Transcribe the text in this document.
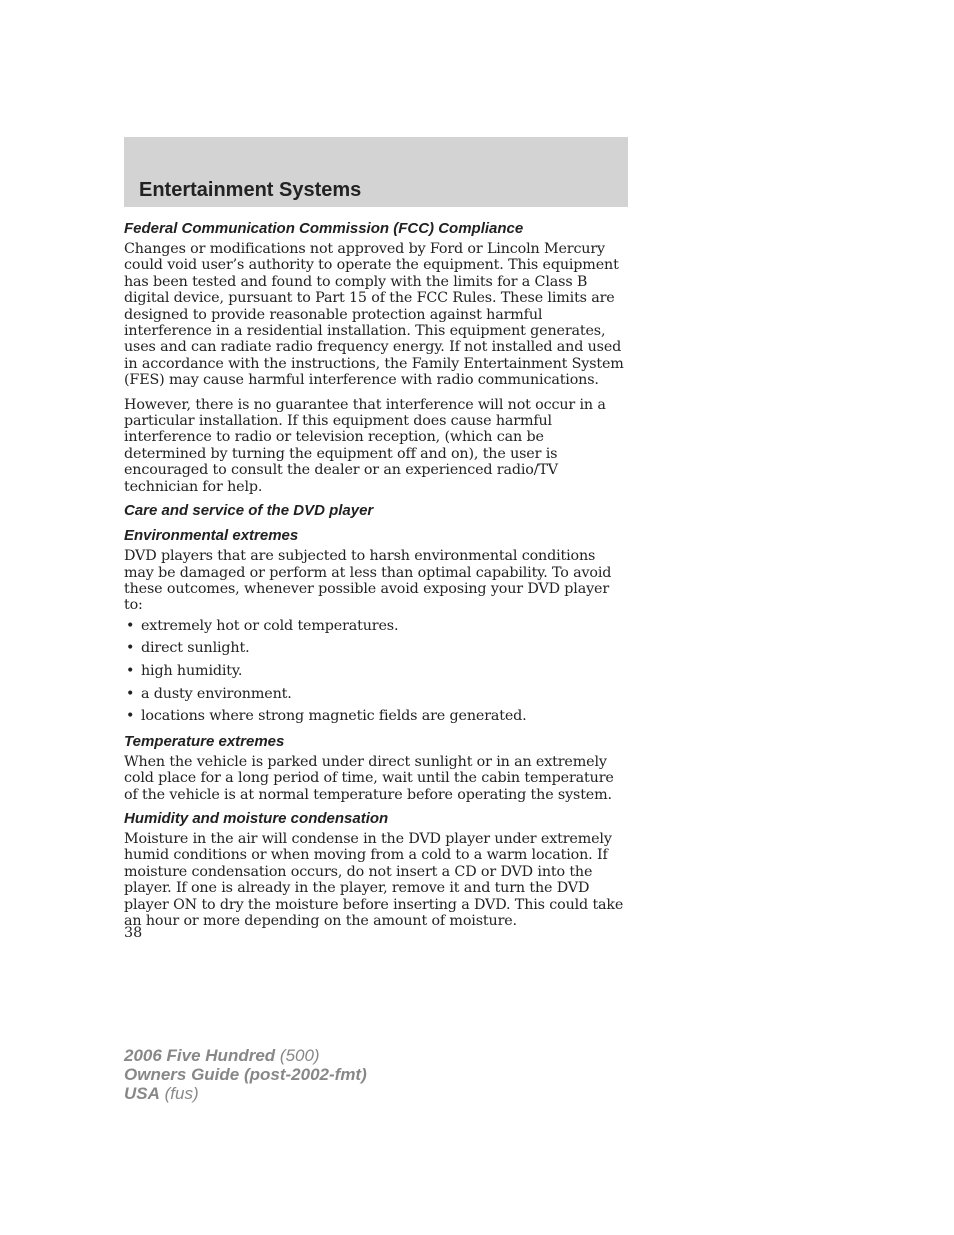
Entertainment Systems
Federal Communication Commission (FCC) Compliance

Changes or modifications not approved by Ford or Lincoln Mercury could void user’s authority to operate the equipment. This equipment has been tested and found to comply with the limits for a Class B digital device, pursuant to Part 15 of the FCC Rules. These limits are designed to provide reasonable protection against harmful interference in a residential installation. This equipment generates, uses and can radiate radio frequency energy. If not installed and used in accordance with the instructions, the Family Entertainment System (FES) may cause harmful interference with radio communications.

However, there is no guarantee that interference will not occur in a particular installation. If this equipment does cause harmful interference to radio or television reception, (which can be determined by turning the equipment off and on), the user is encouraged to consult the dealer or an experienced radio/TV technician for help.

Care and service of the DVD player
Environmental extremes

DVD players that are subjected to harsh environmental conditions may be damaged or perform at less than optimal capability. To avoid these outcomes, whenever possible avoid exposing your DVD player to:

• extremely hot or cold temperatures.
• direct sunlight.
• high humidity.
• a dusty environment.
• locations where strong magnetic fields are generated.
Temperature extremes

When the vehicle is parked under direct sunlight or in an extremely cold place for a long period of time, wait until the cabin temperature of the vehicle is at normal temperature before operating the system.

Humidity and moisture condensation

Moisture in the air will condense in the DVD player under extremely humid conditions or when moving from a cold to a warm location. If moisture condensation occurs, do not insert a CD or DVD into the player. If one is already in the player, remove it and turn the DVD player ON to dry the moisture before inserting a DVD. This could take an hour or more depending on the amount of moisture.

38

2006 Five Hundred (500)
Owners Guide (post-2002-fmt)
USA (fus)
